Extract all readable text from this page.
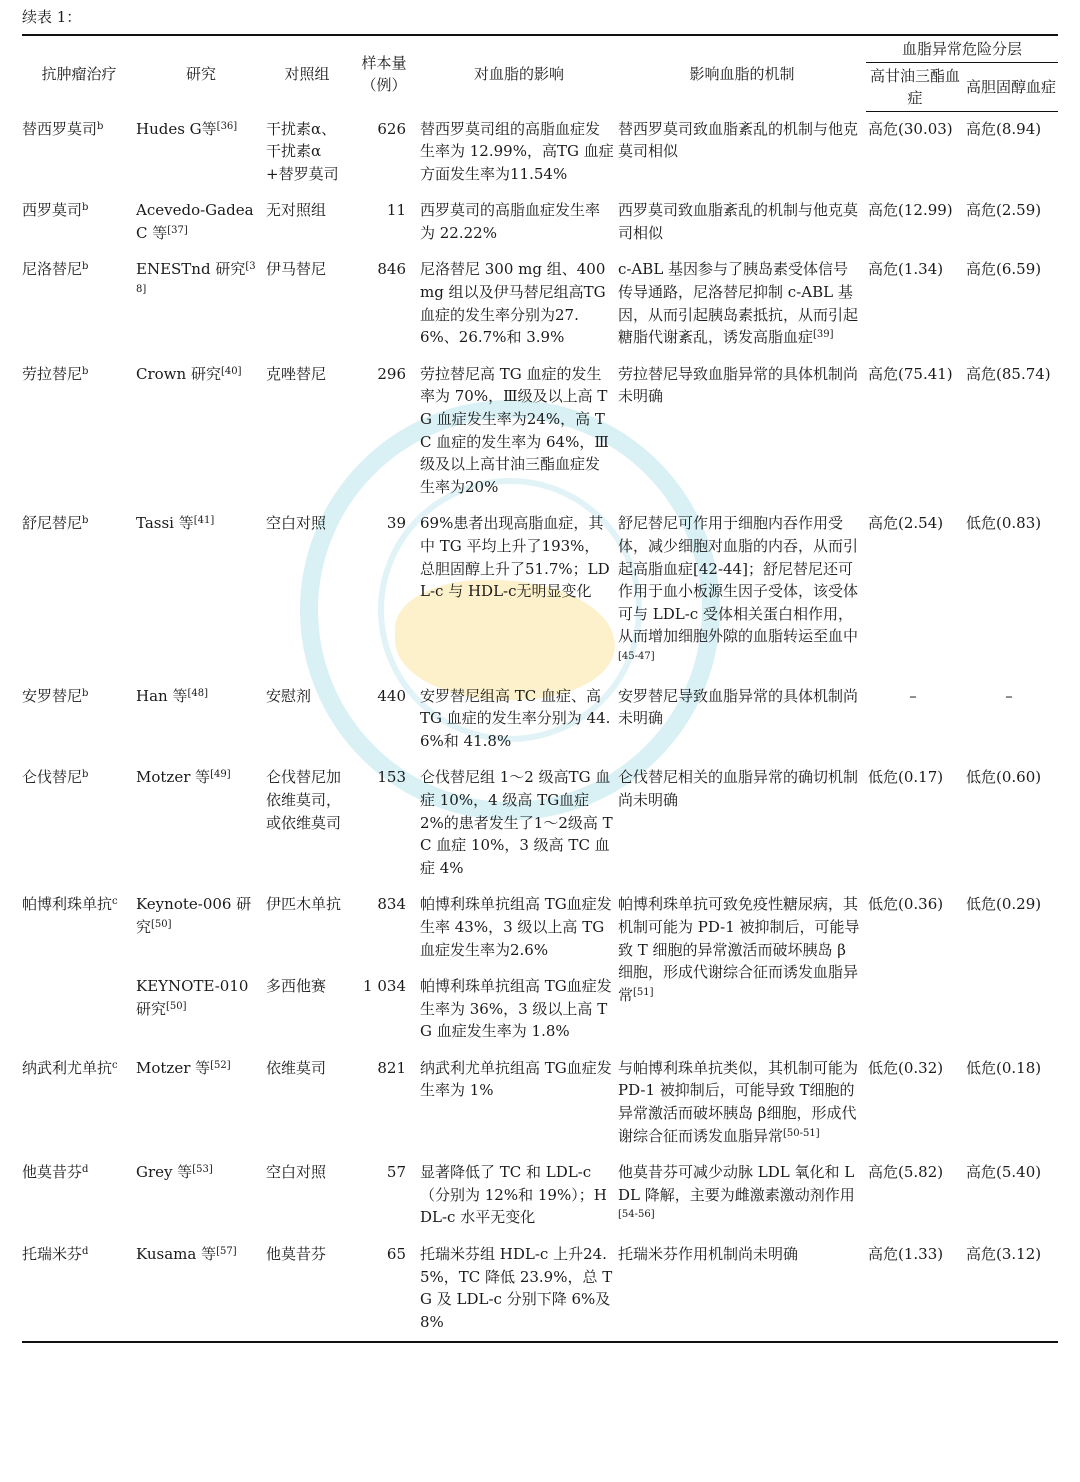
续表 1：
抗肿瘤治疗	研究	对照组	样本量（例）	对血脂的影响	影响血脂的机制	血脂异常危险分层	
						高甘油三酯血症	高胆固醇血症
替西罗莫司$^b$	Hudes G等[36]	干扰素α、干扰素α+替罗莫司	626	替西罗莫司组的高脂血症发生率为 12.99%，高TG 血症方面发生率为11.54%	替西罗莫司致血脂紊乱的机制与他克莫司相似	高危(30.03)	高危(8.94)
西罗莫司$^b$	Acevedo-Gadea C 等[37]	无对照组	11	西罗莫司的高脂血症发生率为 22.22%	西罗莫司致血脂紊乱的机制与他克莫司相似	高危(12.99)	高危(2.59)
尼洛替尼$^b$	ENESTnd 研究[38]	伊马替尼	846	尼洛替尼 300 mg 组、400 mg 组以及伊马替尼组高TG 血症的发生率分别为27.6%、26.7%和 3.9%	c-ABL 基因参与了胰岛素受体信号传导通路，尼洛替尼抑制 c-ABL 基因，从而引起胰岛素抵抗，从而引起糖脂代谢紊乱，诱发高脂血症[39]	高危(1.34)	高危(6.59)
劳拉替尼$^b$	Crown 研究[40]	克唑替尼	296	劳拉替尼高 TG 血症的发生率为 70%，Ⅲ级及以上高 TG 血症发生率为24%，高 TC 血症的发生率为 64%，Ⅲ级及以上高甘油三酯血症发生率为20%	劳拉替尼导致血脂异常的具体机制尚未明确	高危(75.41)	高危(85.74)
舒尼替尼$^b$	Tassi 等[41]	空白对照	39	69%患者出现高脂血症，其中 TG 平均上升了193%，总胆固醇上升了51.7%；LDL-c 与 HDL-c无明显变化	舒尼替尼可作用于细胞内吞作用受体，减少细胞对血脂的内吞，从而引起高脂血症[42-44]；舒尼替尼还可作用于血小板源生因子受体，该受体可与 LDL-c 受体相关蛋白相作用，从而增加细胞外隙的血脂转运至血中[45-47]	高危(2.54)	低危(0.83)
安罗替尼$^b$	Han 等[48]	安慰剂	440	安罗替尼组高 TC 血症、高 TG 血症的发生率分别为 44.6%和 41.8%	安罗替尼导致血脂异常的具体机制尚未明确	–	–
仑伐替尼$^b$	Motzer 等[49]	仑伐替尼加依维莫司，或依维莫司	153	仑伐替尼组 1～2 级高TG 血症 10%，4 级高 TG血症 2%的患者发生了1～2级高 TC 血症 10%，3 级高 TC 血症 4%	仑伐替尼相关的血脂异常的确切机制尚未明确	低危(0.17)	低危(0.60)
帕博利珠单抗$^c$	Keynote-006 研究[50]	伊匹木单抗	834	帕博利珠单抗组高 TG血症发生率 43%，3 级以上高 TG 血症发生率为2.6%	帕博利珠单抗可致免疫性糖尿病，其机制可能为 PD-1 被抑制后，可能导致 T 细胞的异常激活而破坏胰岛 β 细胞，形成代谢综合征而诱发血脂异常[51]	低危(0.36)	低危(0.29)
	KEYNOTE-010 研究[50]	多西他赛	1 034	帕博利珠单抗组高 TG血症发生率为 36%，3 级以上高 TG 血症发生率为 1.8%			
纳武利尤单抗$^c$	Motzer 等[52]	依维莫司	821	纳武利尤单抗组高 TG血症发生率为 1%	与帕博利珠单抗类似，其机制可能为 PD-1 被抑制后，可能导致 T细胞的异常激活而破坏胰岛 β细胞，形成代谢综合征而诱发血脂异常[50-51]	低危(0.32)	低危(0.18)
他莫昔芬$^d$	Grey 等[53]	空白对照	57	显著降低了 TC 和 LDL-c（分别为 12%和 19%）；HDL-c 水平无变化	他莫昔芬可减少动脉 LDL 氧化和 LDL 降解，主要为雌激素激动剂作用[54-56]	高危(5.82)	高危(5.40)
托瑞米芬$^d$	Kusama 等[57]	他莫昔芬	65	托瑞米芬组 HDL-c 上升24.5%，TC 降低 23.9%，总 TG 及 LDL-c 分别下降 6%及 8%	托瑞米芬作用机制尚未明确	高危(1.33)	高危(3.12)
